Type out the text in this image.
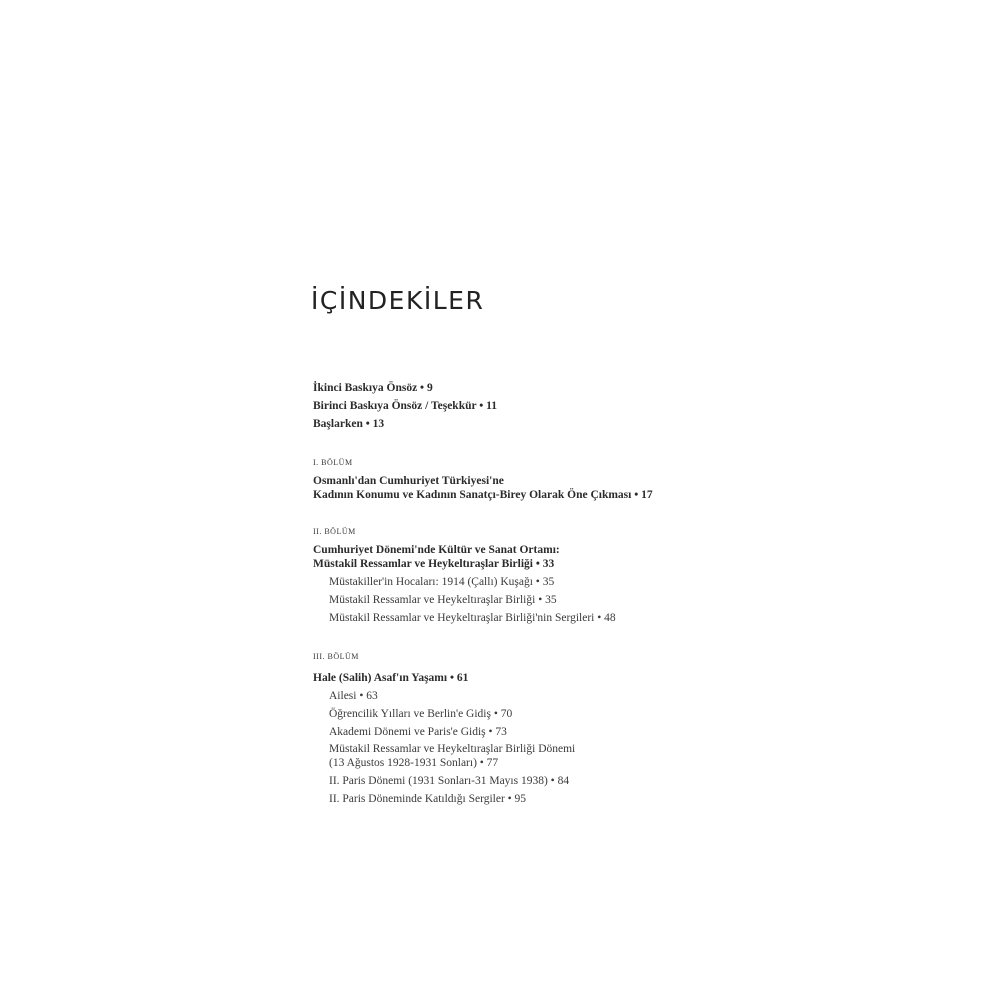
İÇİNDEKİLER
İkinci Baskıya Önsöz • 9
Birinci Baskıya Önsöz / Teşekkür • 11
Başlarken • 13
I. BÖLÜM
Osmanlı'dan Cumhuriyet Türkiyesi'ne
Kadının Konumu ve Kadının Sanatçı-Birey Olarak Öne Çıkması • 17
II. BÖLÜM
Cumhuriyet Dönemi'nde Kültür ve Sanat Ortamı:
Müstakil Ressamlar ve Heykeltıraşlar Birliği • 33
Müstakiller'in Hocaları: 1914 (Çallı) Kuşağı • 35
Müstakil Ressamlar ve Heykeltıraşlar Birliği • 35
Müstakil Ressamlar ve Heykeltıraşlar Birliği'nin Sergileri • 48
III. BÖLÜM
Hale (Salih) Asaf'ın Yaşamı • 61
Ailesi • 63
Öğrencilik Yılları ve Berlin'e Gidiş • 70
Akademi Dönemi ve Paris'e Gidiş • 73
Müstakil Ressamlar ve Heykeltıraşlar Birliği Dönemi
(13 Ağustos 1928-1931 Sonları) • 77
II. Paris Dönemi (1931 Sonları-31 Mayıs 1938) • 84
II. Paris Döneminde Katıldığı Sergiler • 95
